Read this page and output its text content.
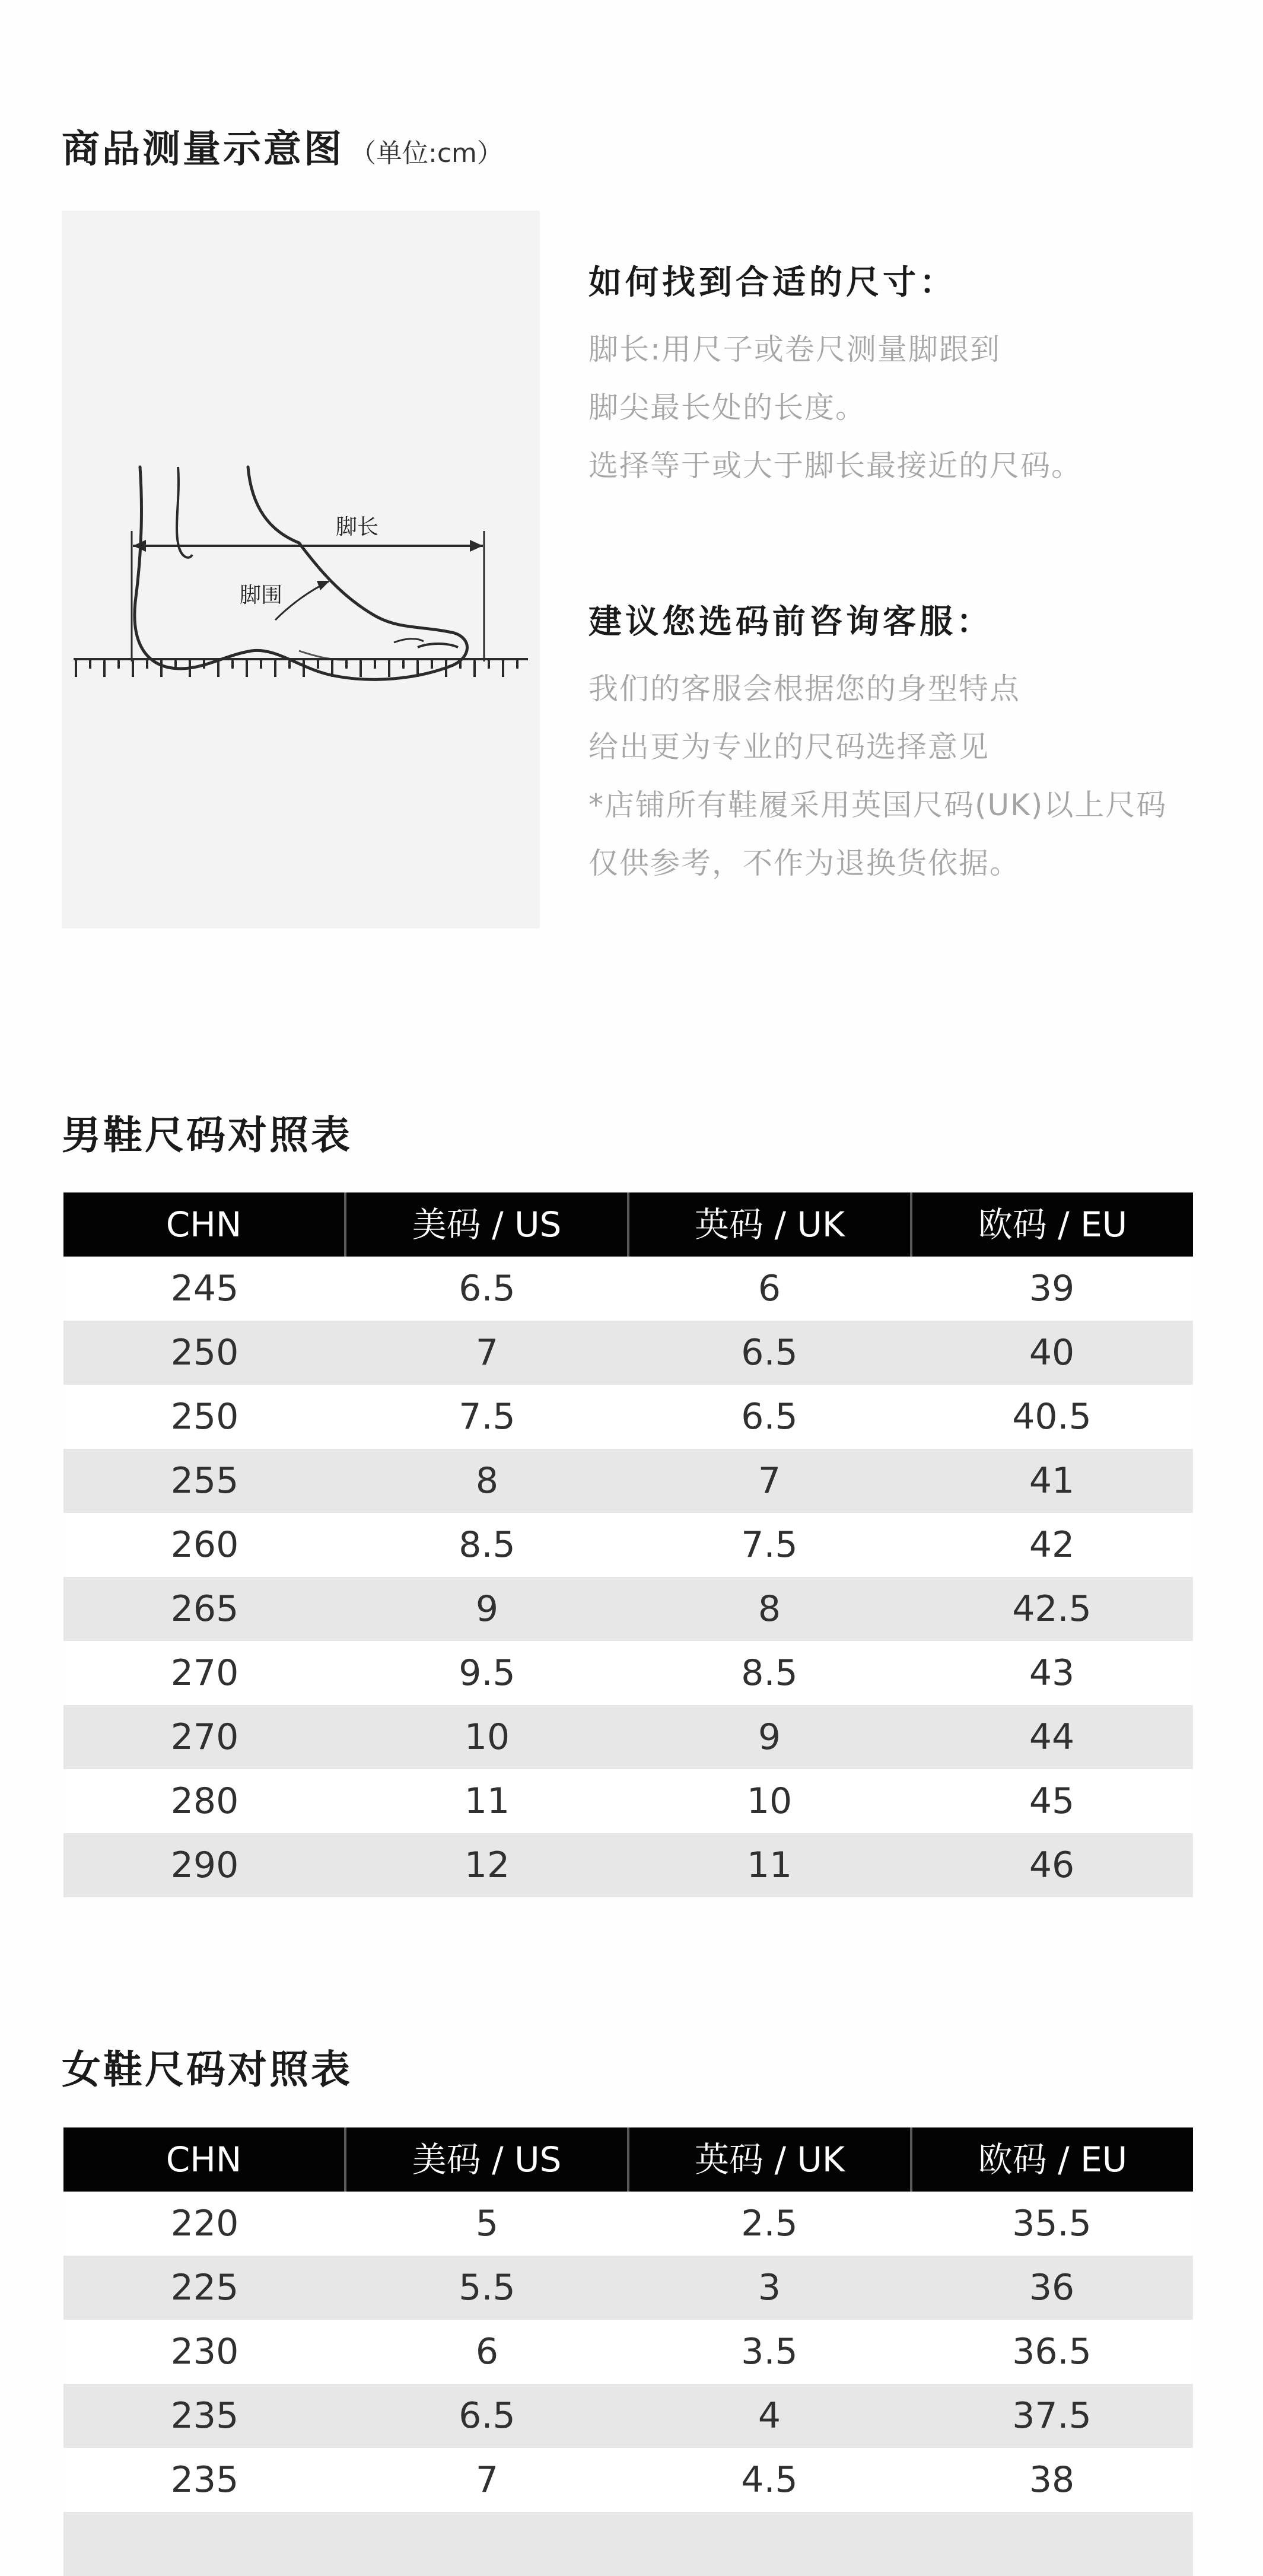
商品测量示意图 （单位:cm）
脚长
脚围
如何找到合适的尺寸：

脚长:用尺子或卷尺测量脚跟到

脚尖最长处的长度。

选择等于或大于脚长最接近的尺码。

建议您选码前咨询客服：

我们的客服会根据您的身型特点

给出更为专业的尺码选择意见

*店铺所有鞋履采用英国尺码(UK)以上尺码

仅供参考，不作为退换货依据。

男鞋尺码对照表
CHN	美码 / US	英码 / UK	欧码 / EU
245	6.5	6	39
250	7	6.5	40
250	7.5	6.5	40.5
255	8	7	41
260	8.5	7.5	42
265	9	8	42.5
270	9.5	8.5	43
270	10	9	44
280	11	10	45
290	12	11	46
女鞋尺码对照表
CHN	美码 / US	英码 / UK	欧码 / EU
220	5	2.5	35.5
225	5.5	3	36
230	6	3.5	36.5
235	6.5	4	37.5
235	7	4.5	38
